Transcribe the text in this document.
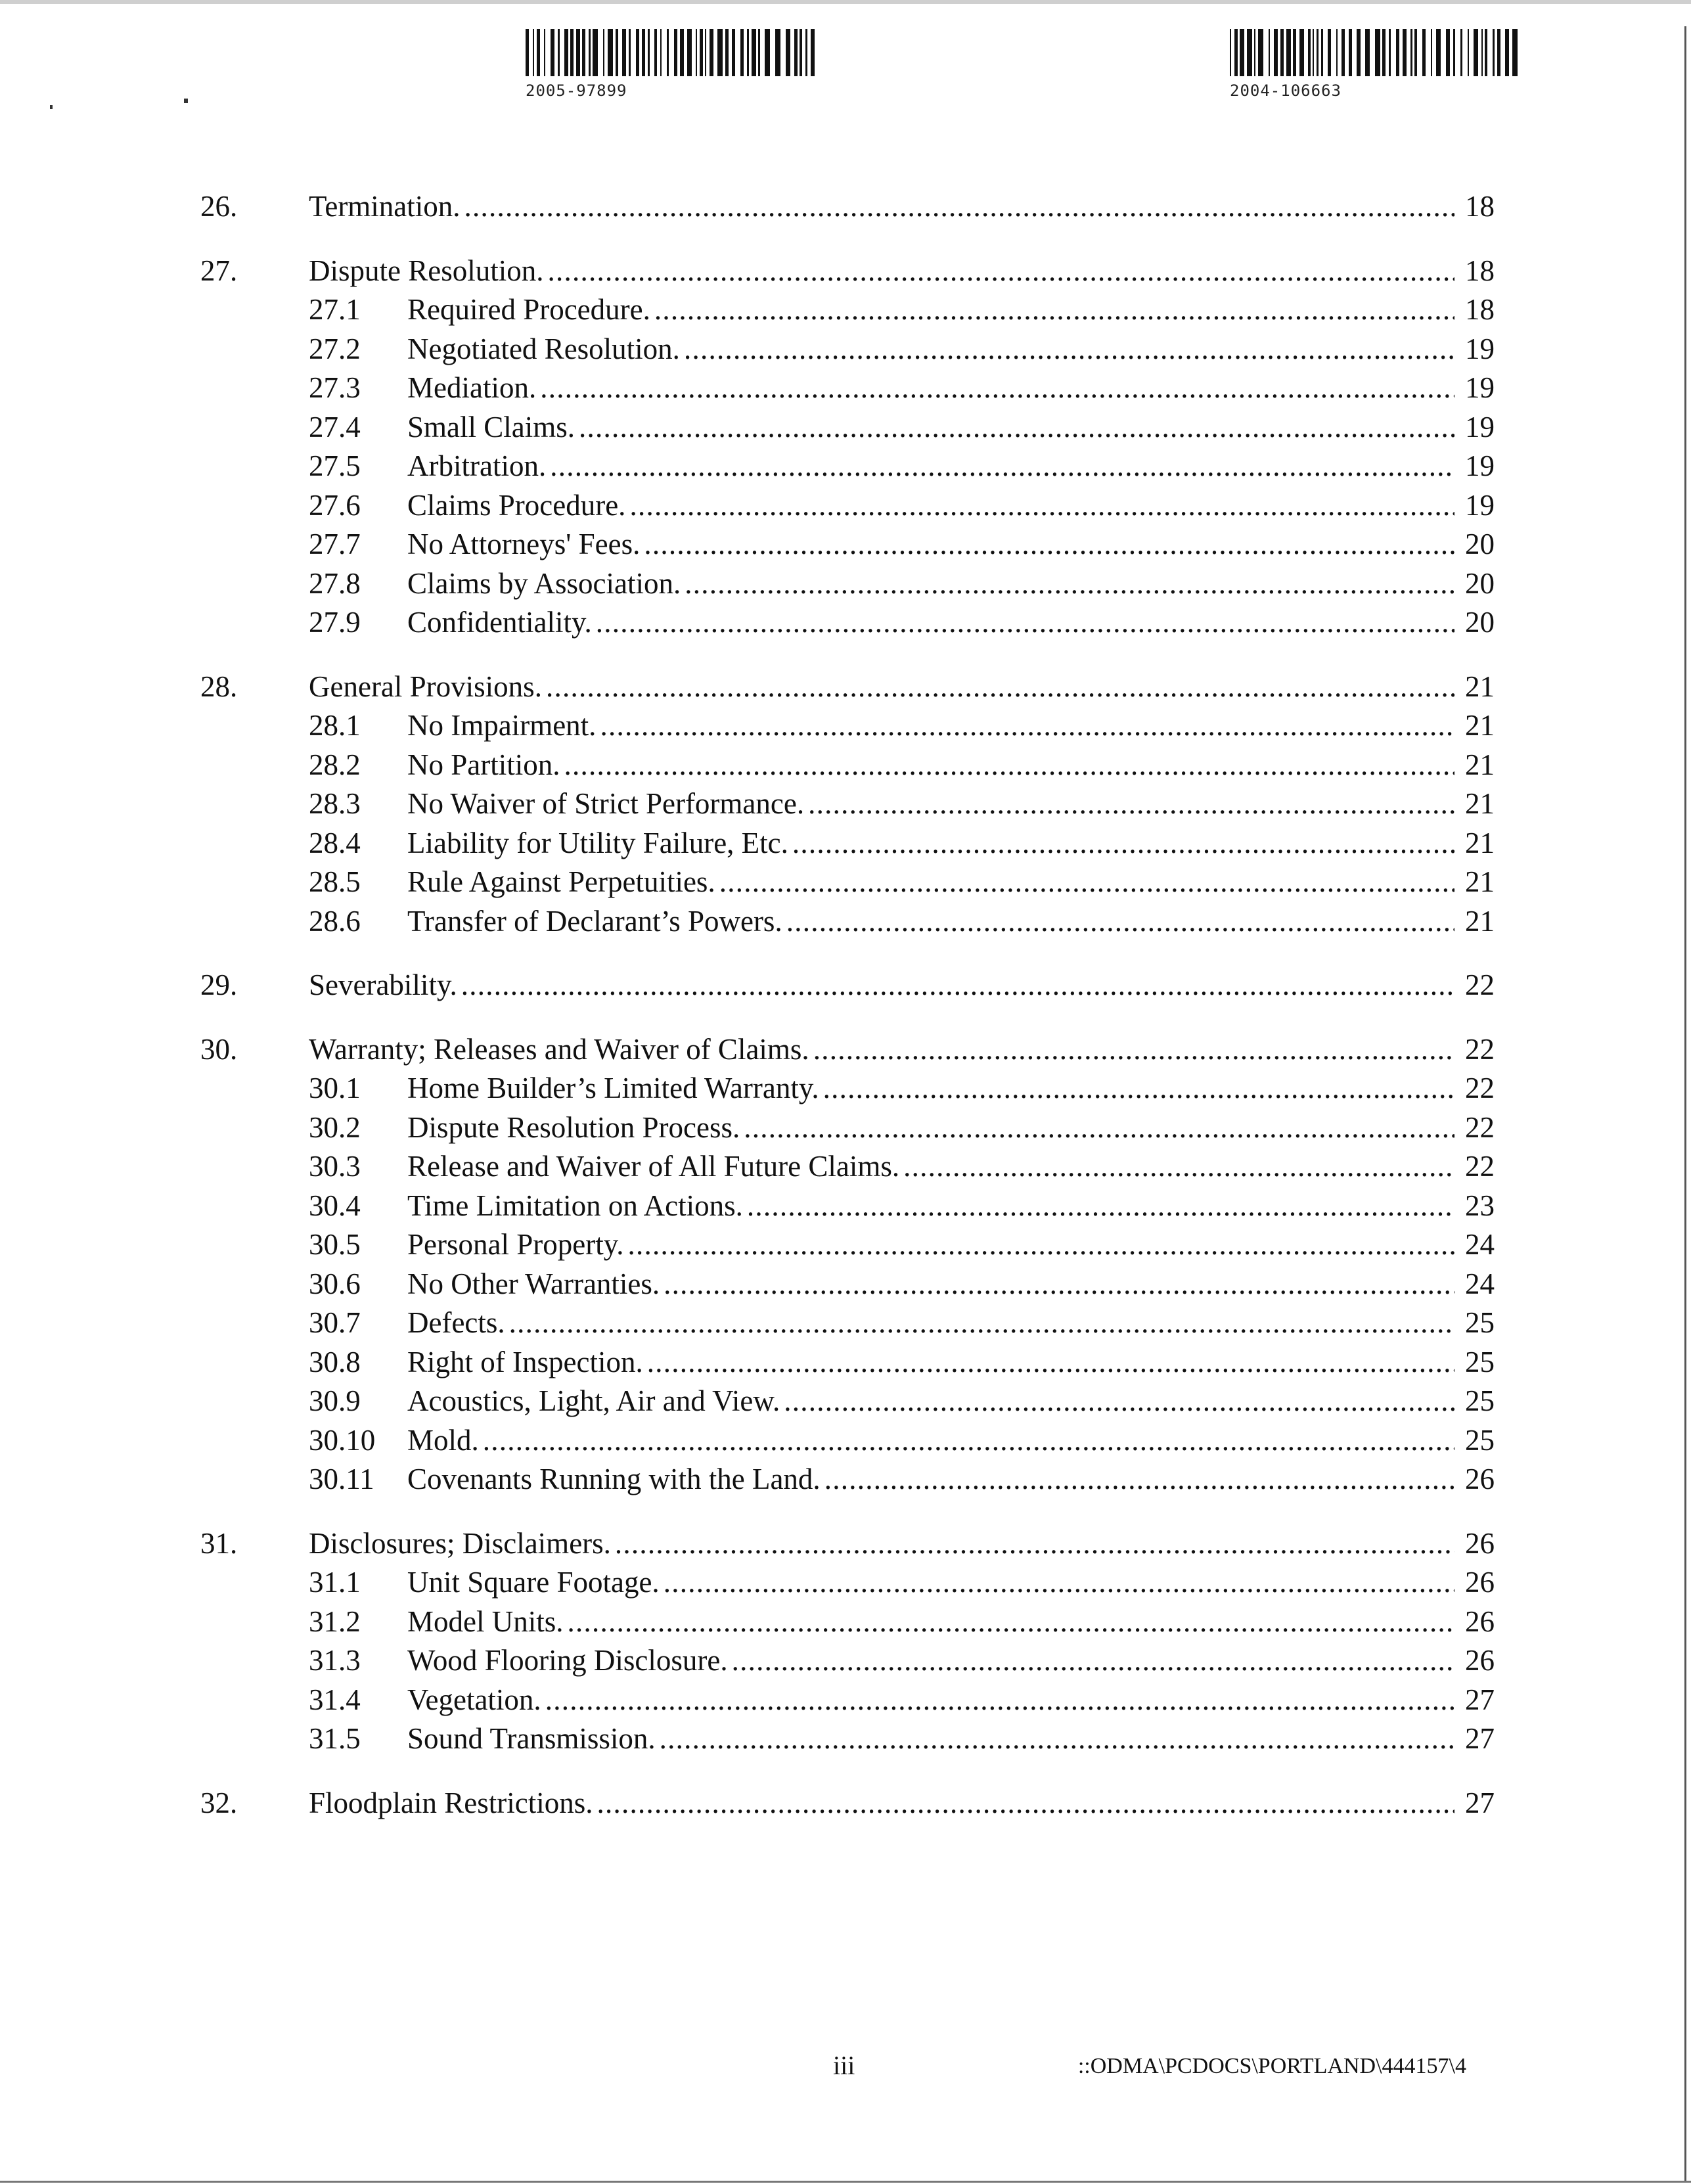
2005-97899	2004-106663
26.	Termination. . . .	18
27.	Dispute Resolution. . . .	18
27.1	Required Procedure. . . .	18
27.2	Negotiated Resolution. . . .	19
27.3	Mediation. . . .	19
27.4	Small Claims. . . .	19
27.5	Arbitration. . . .	19
27.6	Claims Procedure. . . .	19
27.7	No Attorneys' Fees. . . .	20
27.8	Claims by Association. . . .	20
27.9	Confidentiality. . . .	20
28.	General Provisions. . . .	21
28.1	No Impairment. . . .	21
28.2	No Partition. . . .	21
28.3	No Waiver of Strict Performance. . . .	21
28.4	Liability for Utility Failure, Etc. . . .	21
28.5	Rule Against Perpetuities. . . .	21
28.6	Transfer of Declarant’s Powers. . . .	21
29.	Severability. . . .	22
30.	Warranty; Releases and Waiver of Claims. . . .	22
30.1	Home Builder’s Limited Warranty. . . .	22
30.2	Dispute Resolution Process. . . .	22
30.3	Release and Waiver of All Future Claims. . . .	22
30.4	Time Limitation on Actions. . . .	23
30.5	Personal Property. . . .	24
30.6	No Other Warranties. . . .	24
30.7	Defects. . . .	25
30.8	Right of Inspection. . . .	25
30.9	Acoustics, Light, Air and View. . . .	25
30.10	Mold. . . .	25
30.11	Covenants Running with the Land. . . .	26
31.	Disclosures; Disclaimers. . . .	26
31.1	Unit Square Footage. . . .	26
31.2	Model Units. . . .	26
31.3	Wood Flooring Disclosure. . . .	26
31.4	Vegetation. . . .	27
31.5	Sound Transmission. . . .	27
32.	Floodplain Restrictions. . . .	27
iii	::ODMA\PCDOCS\PORTLAND\444157\4
